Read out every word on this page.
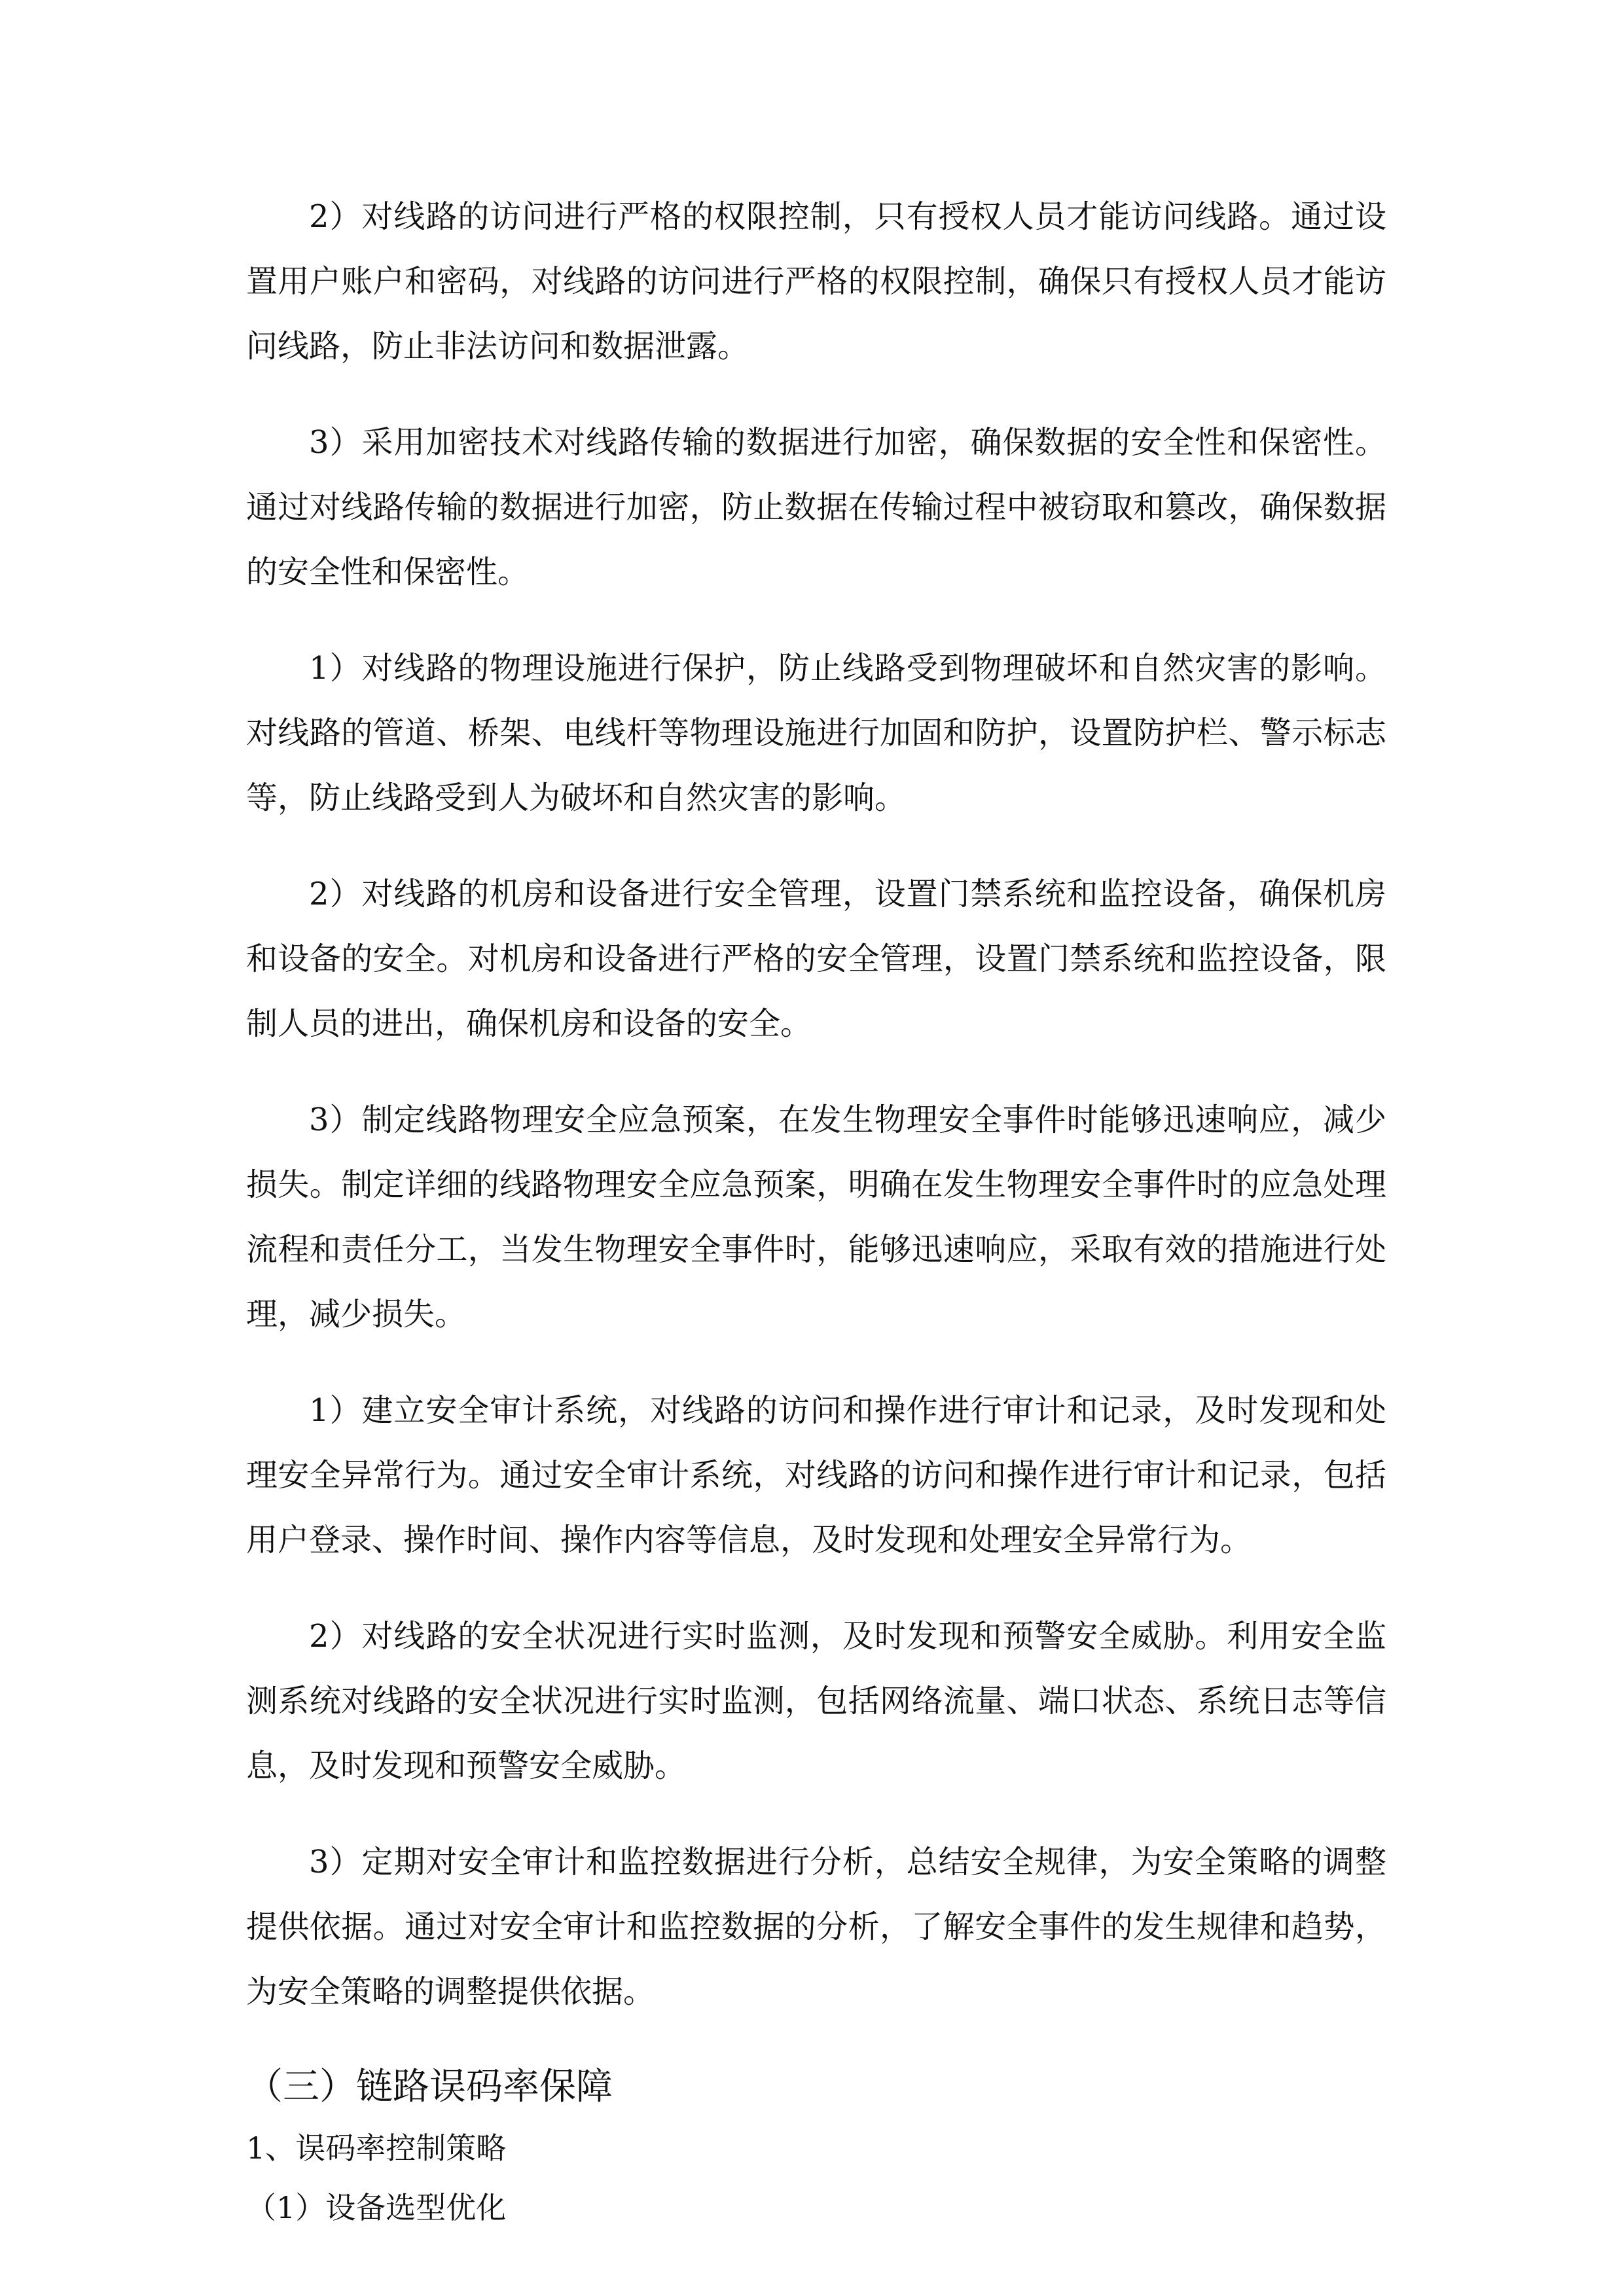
2）对线路的访问进行严格的权限控制，只有授权人员才能访问线路。通过设置用户账户和密码，对线路的访问进行严格的权限控制，确保只有授权人员才能访问线路，防止非法访问和数据泄露。

3）采用加密技术对线路传输的数据进行加密，确保数据的安全性和保密性。通过对线路传输的数据进行加密，防止数据在传输过程中被窃取和篡改，确保数据的安全性和保密性。

1）对线路的物理设施进行保护，防止线路受到物理破坏和自然灾害的影响。对线路的管道、桥架、电线杆等物理设施进行加固和防护，设置防护栏、警示标志等，防止线路受到人为破坏和自然灾害的影响。

2）对线路的机房和设备进行安全管理，设置门禁系统和监控设备，确保机房和设备的安全。对机房和设备进行严格的安全管理，设置门禁系统和监控设备，限制人员的进出，确保机房和设备的安全。

3）制定线路物理安全应急预案，在发生物理安全事件时能够迅速响应，减少损失。制定详细的线路物理安全应急预案，明确在发生物理安全事件时的应急处理流程和责任分工，当发生物理安全事件时，能够迅速响应，采取有效的措施进行处理，减少损失。

1）建立安全审计系统，对线路的访问和操作进行审计和记录，及时发现和处理安全异常行为。通过安全审计系统，对线路的访问和操作进行审计和记录，包括用户登录、操作时间、操作内容等信息，及时发现和处理安全异常行为。

2）对线路的安全状况进行实时监测，及时发现和预警安全威胁。利用安全监测系统对线路的安全状况进行实时监测，包括网络流量、端口状态、系统日志等信息，及时发现和预警安全威胁。

3）定期对安全审计和监控数据进行分析，总结安全规律，为安全策略的调整提供依据。通过对安全审计和监控数据的分析，了解安全事件的发生规律和趋势，为安全策略的调整提供依据。

（三）链路误码率保障
1、误码率控制策略
（1）设备选型优化
